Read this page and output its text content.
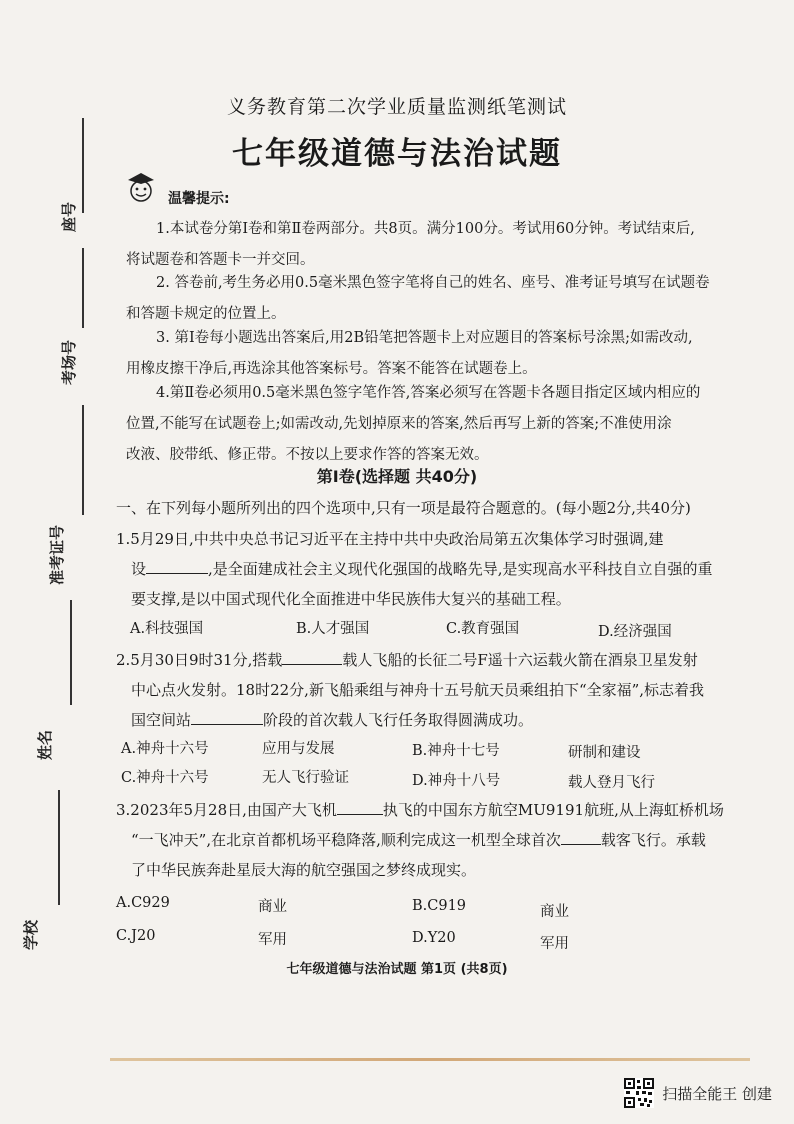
座号
考场号
准考证号
姓名
学校
义务教育第二次学业质量监测纸笔测试
七年级道德与法治试题
温馨提示:
1.本试卷分第Ⅰ卷和第Ⅱ卷两部分。共8页。满分100分。考试用60分钟。考试结束后,
将试题卷和答题卡一并交回。
2. 答卷前,考生务必用0.5毫米黑色签字笔将自己的姓名、座号、准考证号填写在试题卷
和答题卡规定的位置上。
3. 第Ⅰ卷每小题选出答案后,用2B铅笔把答题卡上对应题目的答案标号涂黑;如需改动,
用橡皮擦干净后,再选涂其他答案标号。答案不能答在试题卷上。
4.第Ⅱ卷必须用0.5毫米黑色签字笔作答,答案必须写在答题卡各题目指定区域内相应的
位置,不能写在试题卷上;如需改动,先划掉原来的答案,然后再写上新的答案;不准使用涂
改液、胶带纸、修正带。不按以上要求作答的答案无效。
第Ⅰ卷(选择题 共40分)
一、在下列每小题所列出的四个选项中,只有一项是最符合题意的。(每小题2分,共40分)
1.5月29日,中共中央总书记习近平在主持中共中央政治局第五次集体学习时强调,建
设	,是全面建成社会主义现代化强国的战略先导,是实现高水平科技自立自强的重
要支撑,是以中国式现代化全面推进中华民族伟大复兴的基础工程。
A.科技强国	B.人才强国	C.教育强国	D.经济强国
2.5月30日9时31分,搭载	载人飞船的长征二号F遥十六运载火箭在酒泉卫星发射
中心点火发射。18时22分,新飞船乘组与神舟十五号航天员乘组拍下“全家福”,标志着我
国空间站	阶段的首次载人飞行任务取得圆满成功。
A.神舟十六号	应用与发展	B.神舟十七号	研制和建设
C.神舟十六号	无人飞行验证	D.神舟十八号	载人登月飞行
3.2023年5月28日,由国产大飞机	执飞的中国东方航空MU9191航班,从上海虹桥机场
“一飞冲天”,在北京首都机场平稳降落,顺利完成这一机型全球首次	载客飞行。承载
了中华民族奔赴星辰大海的航空强国之梦终成现实。
A.C929	商业	B.C919	商业
C.J20	军用	D.Y20	军用
七年级道德与法治试题 第1页 (共8页)
扫描全能王 创建
